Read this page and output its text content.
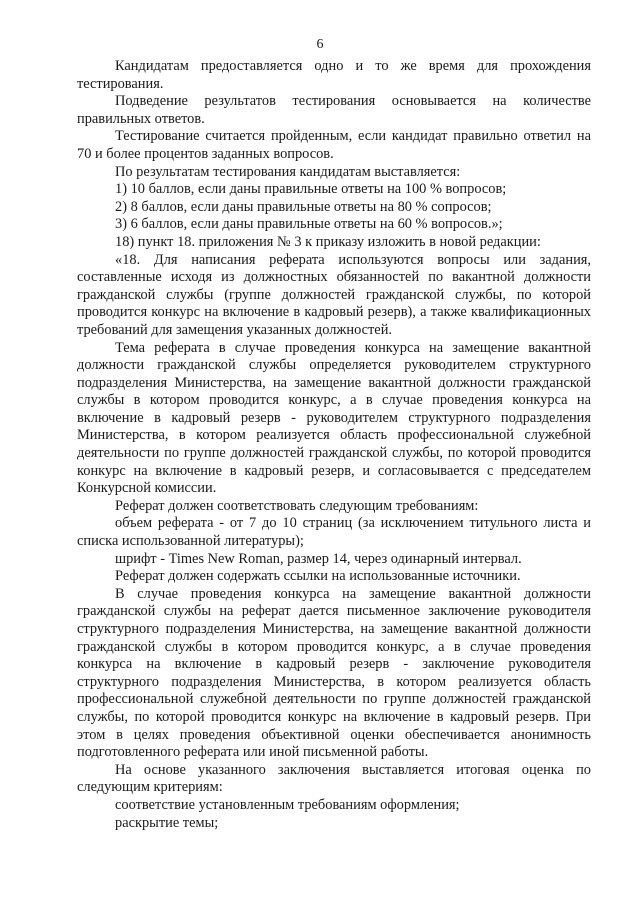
6

Кандидатам предоставляется одно и то же время для прохождения тестирования.

Подведение результатов тестирования основывается на количестве правильных ответов.

Тестирование считается пройденным, если кандидат правильно ответил на 70 и более процентов заданных вопросов.

По результатам тестирования кандидатам выставляется:

1) 10 баллов, если даны правильные ответы на 100 % вопросов;

2) 8 баллов, если даны правильные ответы на 80 % сопросов;

3) 6 баллов, если даны правильные ответы на 60 % вопросов.»;

18) пункт 18. приложения № 3 к приказу изложить в новой редакции:

«18. Для написания реферата используются вопросы или задания, составленные исходя из должностных обязанностей по вакантной должности гражданской службы (группе должностей гражданской службы, по которой проводится конкурс на включение в кадровый резерв), а также квалификационных требований для замещения указанных должностей.

Тема реферата в случае проведения конкурса на замещение вакантной должности гражданской службы определяется руководителем структурного подразделения Министерства, на замещение вакантной должности гражданской службы в котором проводится конкурс, а в случае проведения конкурса на включение в кадровый резерв - руководителем структурного подразделения Министерства, в котором реализуется область профессиональной служебной деятельности по группе должностей гражданской службы, по которой проводится конкурс на включение в кадровый резерв, и согласовывается с председателем Конкурсной комиссии.

Реферат должен соответствовать следующим требованиям:

объем реферата - от 7 до 10 страниц (за исключением титульного листа и списка использованной литературы);

шрифт - Times New Roman, размер 14, через одинарный интервал.

Реферат должен содержать ссылки на использованные источники.

В случае проведения конкурса на замещение вакантной должности гражданской службы на реферат дается письменное заключение руководителя структурного подразделения Министерства, на замещение вакантной должности гражданской службы в котором проводится конкурс, а в случае проведения конкурса на включение в кадровый резерв - заключение руководителя структурного подразделения Министерства, в котором реализуется область профессиональной служебной деятельности по группе должностей гражданской службы, по которой проводится конкурс на включение в кадровый резерв. При этом в целях проведения объективной оценки обеспечивается анонимность подготовленного реферата или иной письменной работы.

На основе указанного заключения выставляется итоговая оценка по следующим критериям:

соответствие установленным требованиям оформления;

раскрытие темы;
